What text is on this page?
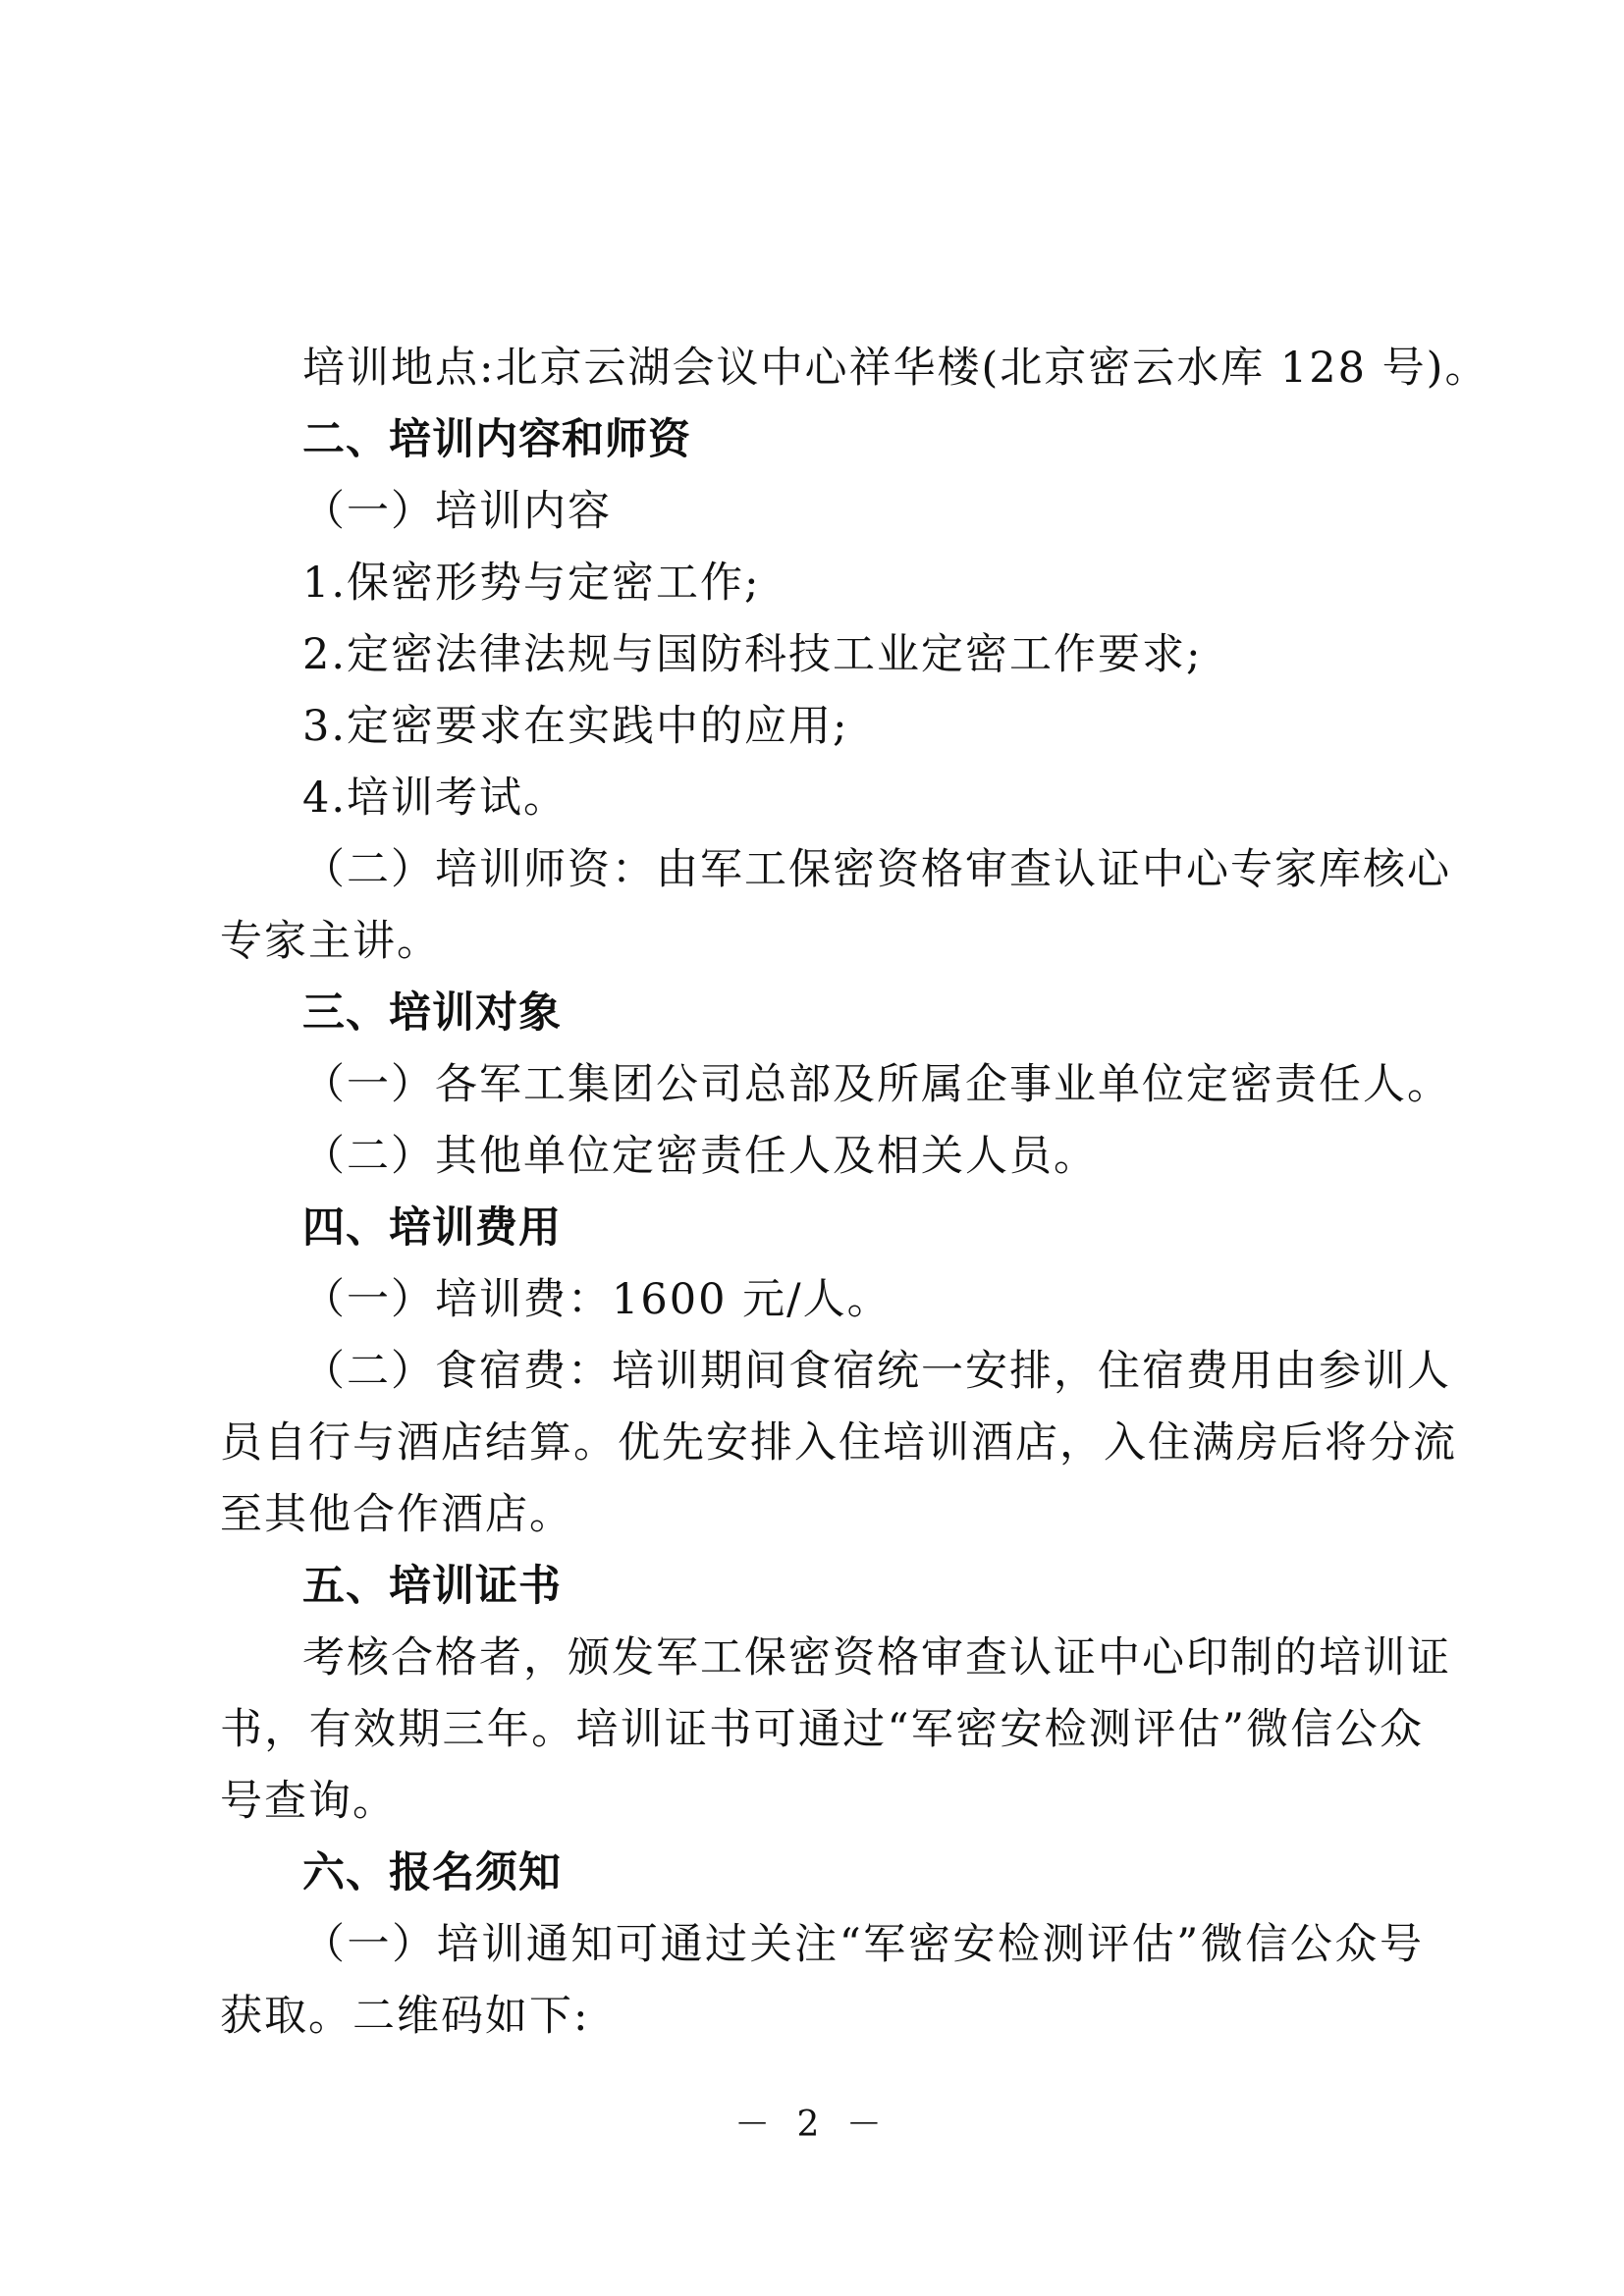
培训地点:北京云湖会议中心祥华楼(北京密云水库 128 号)。

二、培训内容和师资

（一）培训内容

1.保密形势与定密工作;

2.定密法律法规与国防科技工业定密工作要求;

3.定密要求在实践中的应用;

4.培训考试。

（二）培训师资：由军工保密资格审查认证中心专家库核心

专家主讲。

三、培训对象

（一）各军工集团公司总部及所属企事业单位定密责任人。

（二）其他单位定密责任人及相关人员。

四、培训费用

（一）培训费：1600 元/人。

（二）食宿费：培训期间食宿统一安排，住宿费用由参训人

员自行与酒店结算。优先安排入住培训酒店，入住满房后将分流

至其他合作酒店。

五、培训证书

考核合格者，颁发军工保密资格审查认证中心印制的培训证

书，有效期三年。培训证书可通过“军密安检测评估”微信公众

号查询。

六、报名须知

（一）培训通知可通过关注“军密安检测评估”微信公众号

获取。二维码如下:

－ 2 －
